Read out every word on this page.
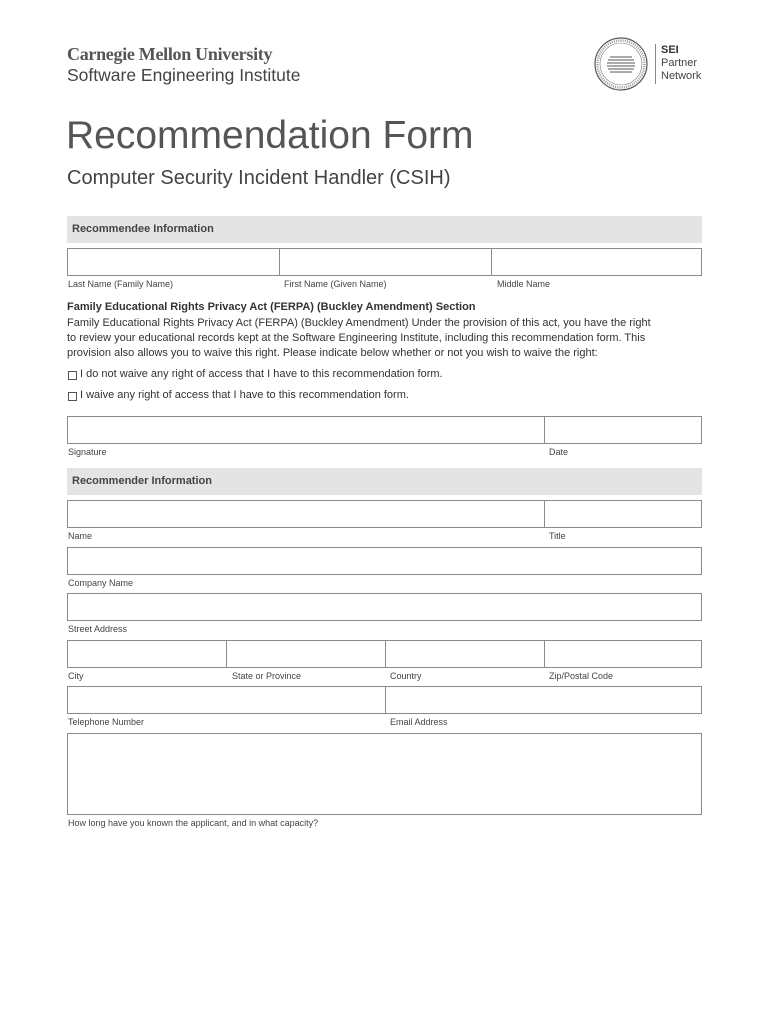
Carnegie Mellon University
Software Engineering Institute
SEI
Partner
Network
Recommendation Form
Computer Security Incident Handler (CSIH)
Recommendee Information
Last Name (Family Name)	First Name (Given Name)	Middle Name
Family Educational Rights Privacy Act (FERPA) (Buckley Amendment) Section
Family Educational Rights Privacy Act (FERPA) (Buckley Amendment) Under the provision of this act, you have the right
to review your educational records kept at the Software Engineering Institute, including this recommendation form. This
provision also allows you to waive this right. Please indicate below whether or not you wish to waive the right:
I do not waive any right of access that I have to this recommendation form.
I waive any right of access that I have to this recommendation form.
Signature	Date
Recommender Information
Name	Title
Company Name
Street Address
City	State or Province	Country	Zip/Postal Code
Telephone Number	Email Address
How long have you known the applicant, and in what capacity?
